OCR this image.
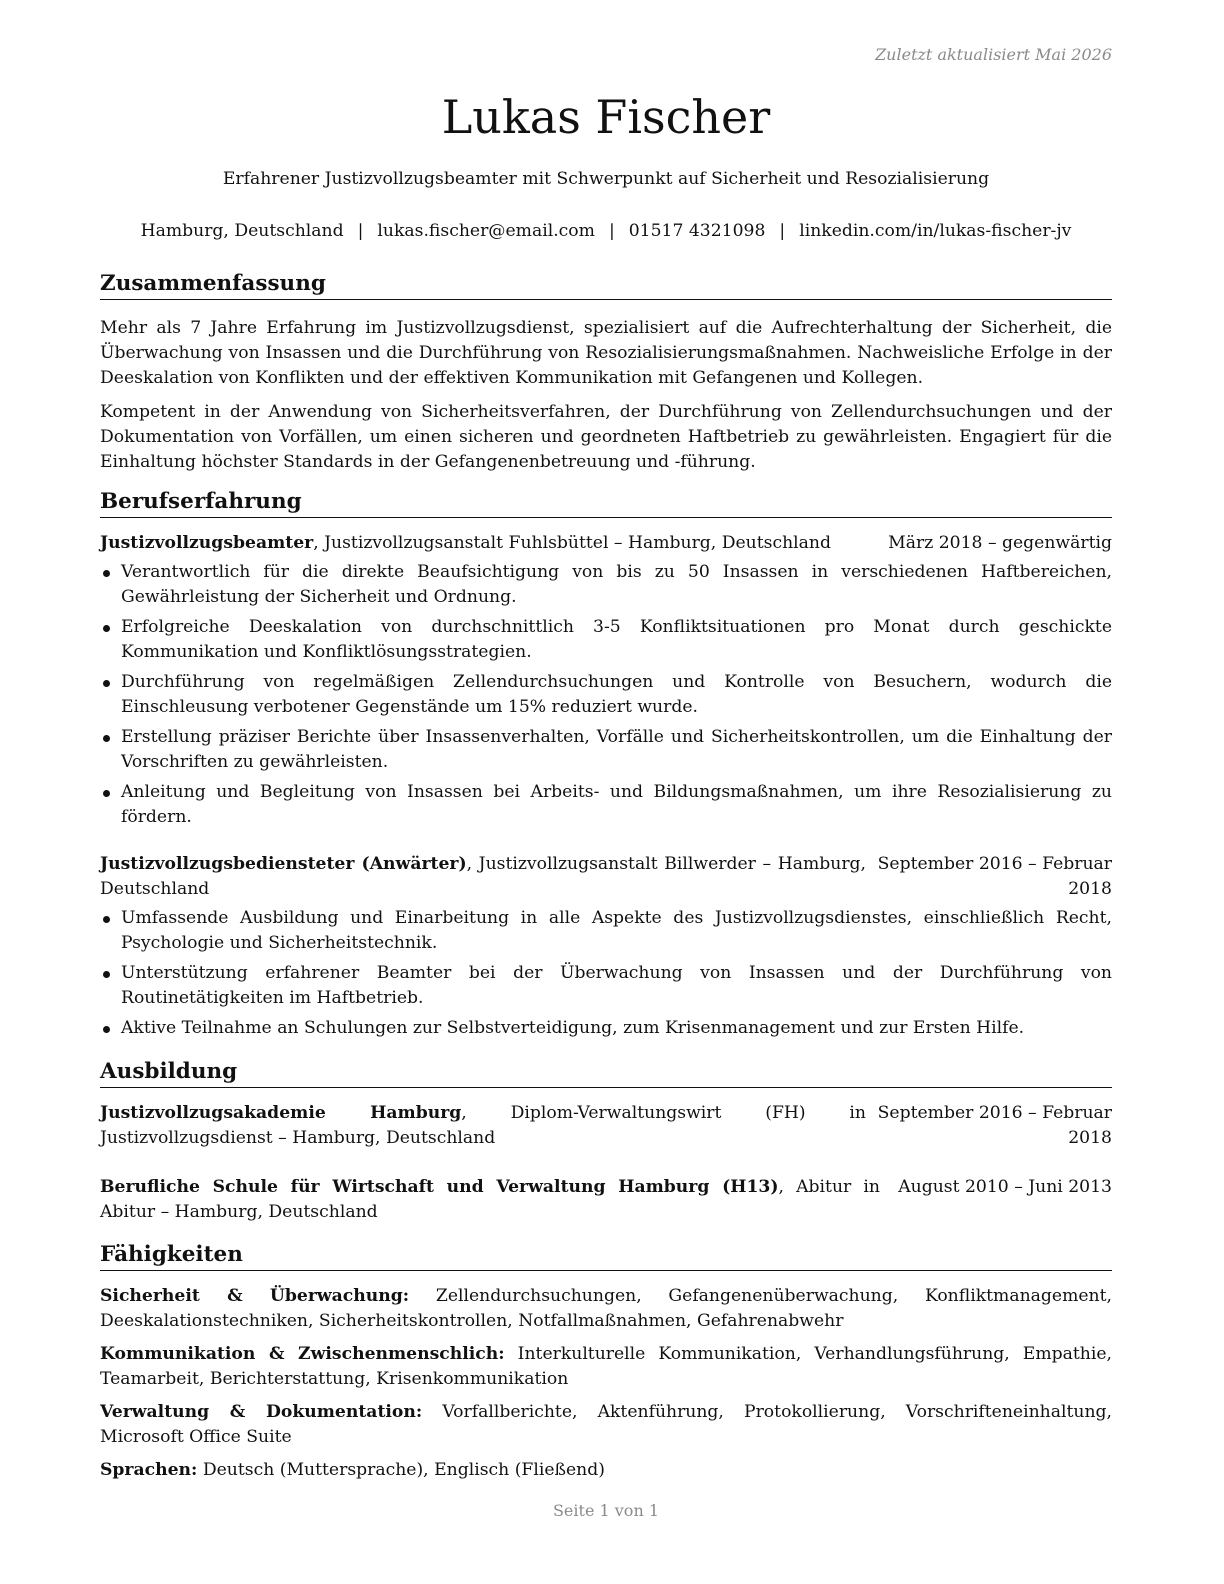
Zuletzt aktualisiert Mai 2026
Lukas Fischer
Erfahrener Justizvollzugsbeamter mit Schwerpunkt auf Sicherheit und Resozialisierung
Hamburg, Deutschland | lukas.fischer@email.com | 01517 4321098 | linkedin.com/in/lukas-fischer-jv
Zusammenfassung

Mehr als 7 Jahre Erfahrung im Justizvollzugsdienst, spezialisiert auf die Aufrechterhaltung der Sicherheit, die Überwachung von Insassen und die Durchführung von Resozialisierungsmaßnahmen. Nachweisliche Erfolge in der Deeskalation von Konflikten und der effektiven Kommunikation mit Gefangenen und Kollegen.

Kompetent in der Anwendung von Sicherheitsverfahren, der Durchführung von Zellendurchsuchungen und der Dokumentation von Vorfällen, um einen sicheren und geordneten Haftbetrieb zu gewährleisten. Engagiert für die Einhaltung höchster Standards in der Gefangenenbetreuung und -führung.

Berufserfahrung
Justizvollzugsbeamter, Justizvollzugsanstalt Fuhlsbüttel – Hamburg, Deutschland	März 2018 – gegenwärtig
Verantwortlich für die direkte Beaufsichtigung von bis zu 50 Insassen in verschiedenen Haftbereichen, Gewährleistung der Sicherheit und Ordnung.
Erfolgreiche Deeskalation von durchschnittlich 3-5 Konfliktsituationen pro Monat durch geschickte Kommunikation und Konfliktlösungsstrategien.
Durchführung von regelmäßigen Zellendurchsuchungen und Kontrolle von Besuchern, wodurch die Einschleusung verbotener Gegenstände um 15% reduziert wurde.
Erstellung präziser Berichte über Insassenverhalten, Vorfälle und Sicherheitskontrollen, um die Einhaltung der Vorschriften zu gewährleisten.
Anleitung und Begleitung von Insassen bei Arbeits- und Bildungsmaßnahmen, um ihre Resozialisierung zu fördern.
Justizvollzugsbediensteter (Anwärter), Justizvollzugsanstalt Billwerder – Hamburg, Deutschland
September 2016 – Februar 2018
Umfassende Ausbildung und Einarbeitung in alle Aspekte des Justizvollzugsdienstes, einschließlich Recht, Psychologie und Sicherheitstechnik.
Unterstützung erfahrener Beamter bei der Überwachung von Insassen und der Durchführung von Routinetätigkeiten im Haftbetrieb.
Aktive Teilnahme an Schulungen zur Selbstverteidigung, zum Krisenmanagement und zur Ersten Hilfe.
Ausbildung
Justizvollzugsakademie Hamburg, Diplom-Verwaltungswirt (FH) in Justizvollzugsdienst – Hamburg, Deutschland
September 2016 – Februar 2018
Berufliche Schule für Wirtschaft und Verwaltung Hamburg (H13), Abitur in Abitur – Hamburg, Deutschland
August 2010 – Juni 2013
Fähigkeiten
Sicherheit & Überwachung: Zellendurchsuchungen, Gefangenenüberwachung, Konfliktmanagement, Deeskalationstechniken, Sicherheitskontrollen, Notfallmaßnahmen, Gefahrenabwehr
Kommunikation & Zwischenmenschlich: Interkulturelle Kommunikation, Verhandlungsführung, Empathie, Teamarbeit, Berichterstattung, Krisenkommunikation
Verwaltung & Dokumentation: Vorfallberichte, Aktenführung, Protokollierung, Vorschrifteneinhaltung, Microsoft Office Suite
Sprachen: Deutsch (Muttersprache), Englisch (Fließend)
Seite 1 von 1
